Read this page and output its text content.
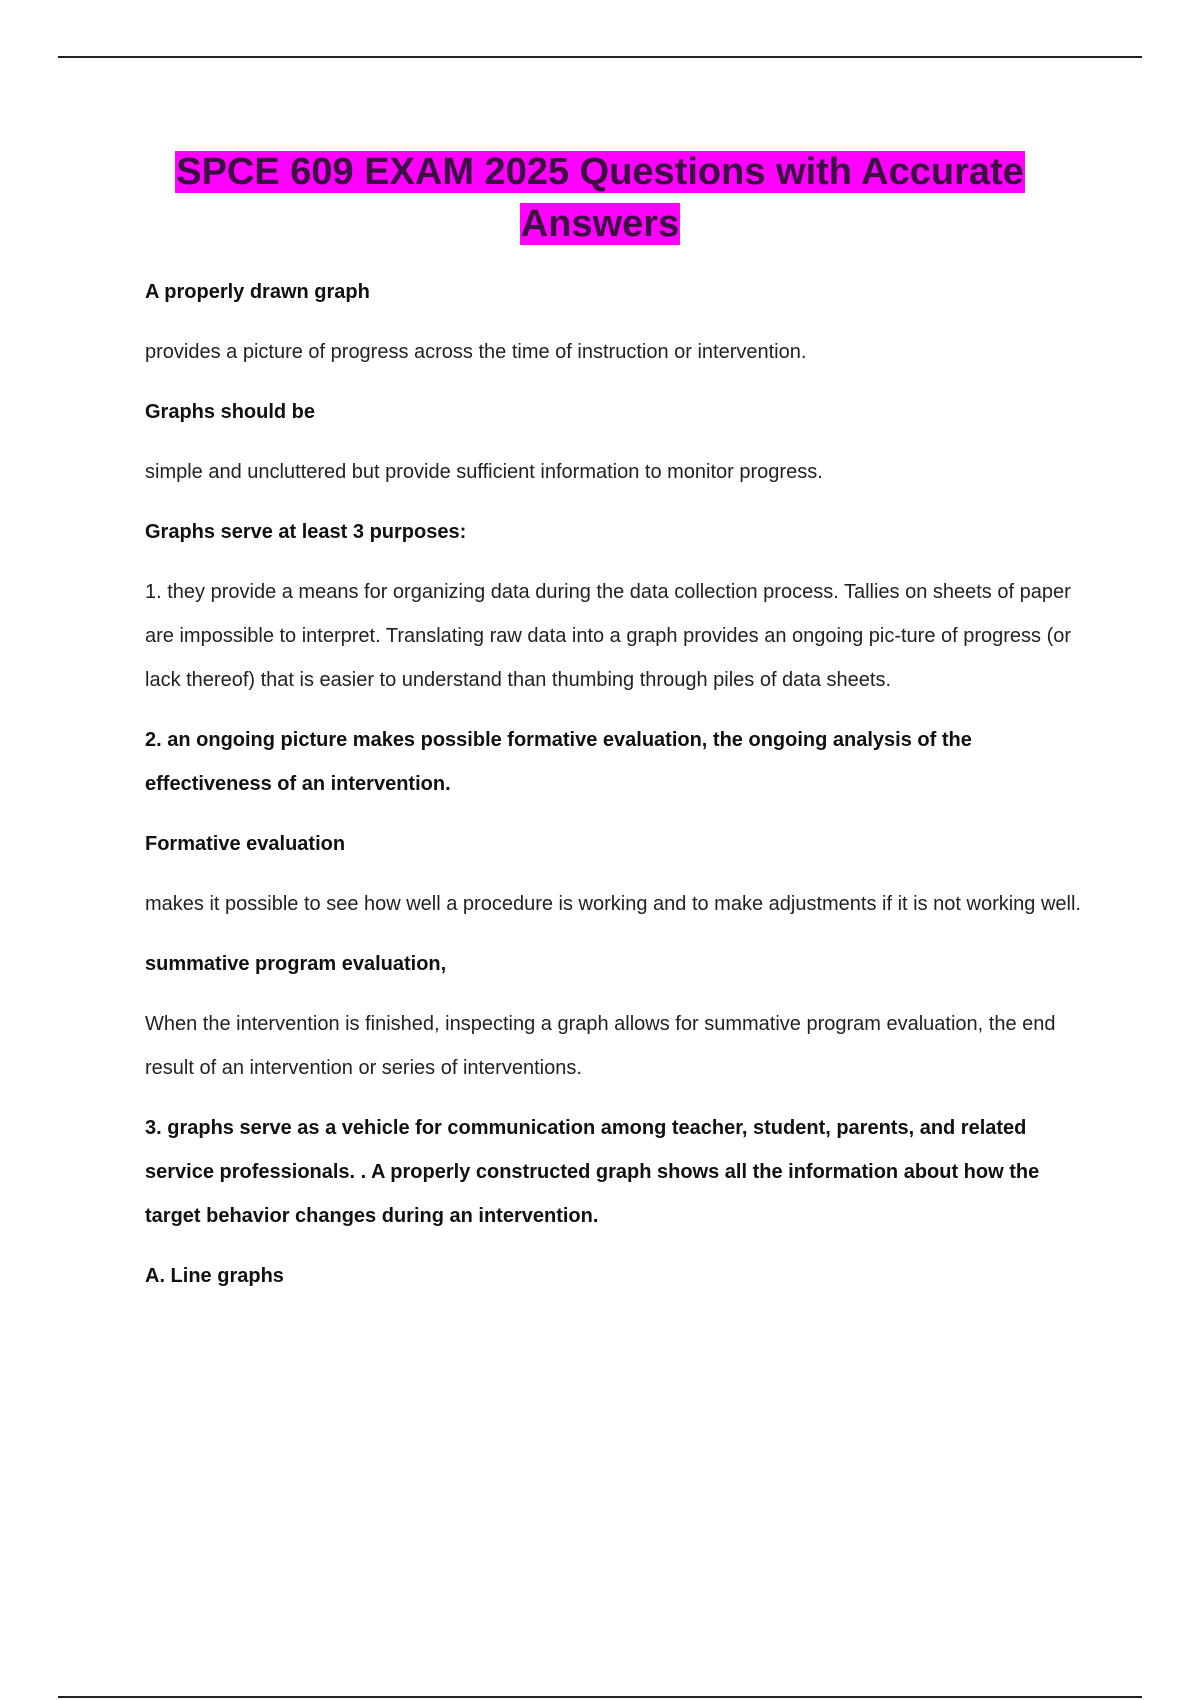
SPCE 609 EXAM 2025 Questions with Accurate
Answers

A properly drawn graph

provides a picture of progress across the time of instruction or intervention.

Graphs should be

simple and uncluttered but provide sufficient information to monitor progress.

Graphs serve at least 3 purposes:

1. they provide a means for organizing data during the data collection process. Tallies on sheets of paper are impossible to interpret. Translating raw data into a graph provides an ongoing pic-ture of progress (or lack thereof) that is easier to understand than thumbing through piles of data sheets.

2. an ongoing picture makes possible formative evaluation, the ongoing analysis of the effectiveness of an intervention.

Formative evaluation

makes it possible to see how well a procedure is working and to make adjustments if it is not working well.

summative program evaluation,

When the intervention is finished, inspecting a graph allows for summative program evaluation, the end result of an intervention or series of interventions.

3. graphs serve as a vehicle for communication among teacher, student, parents, and related service professionals. . A properly constructed graph shows all the information about how the target behavior changes during an intervention.

A. Line graphs
